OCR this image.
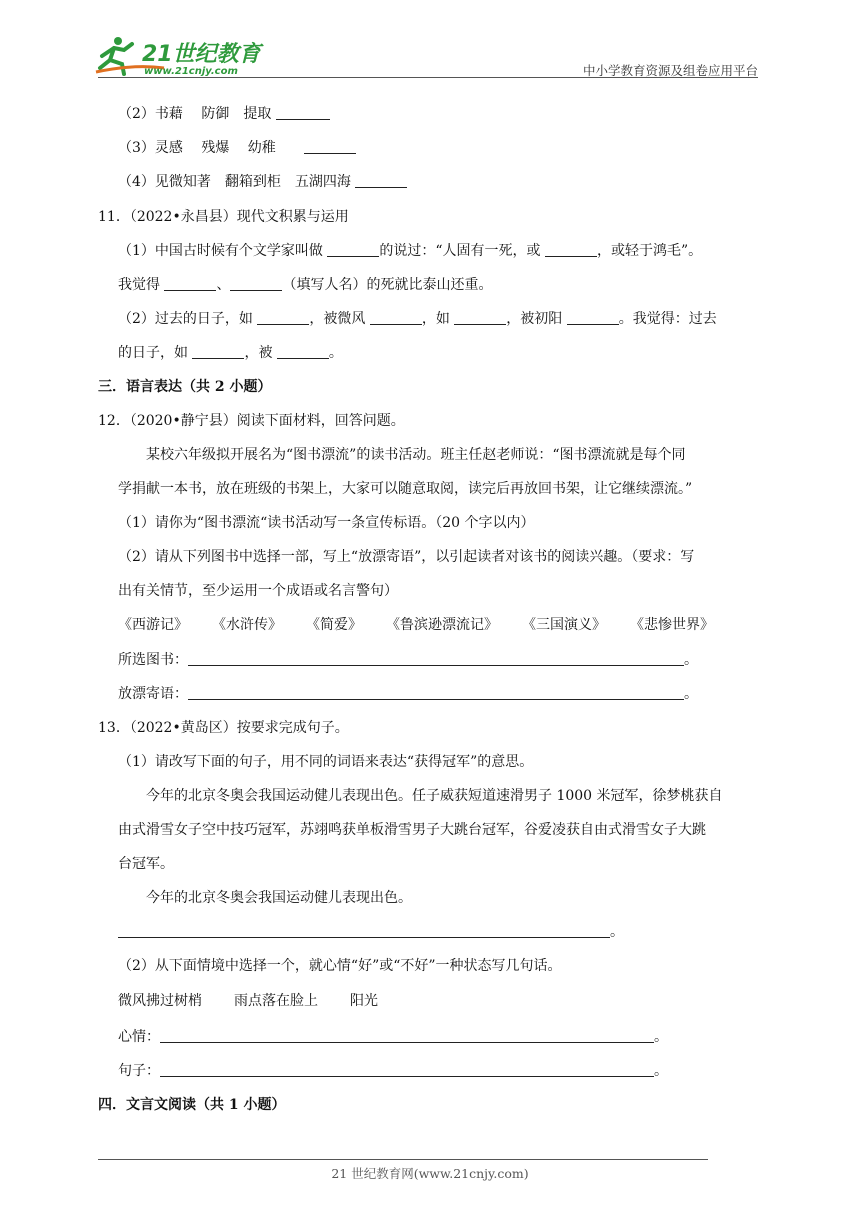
21世纪教育
www.21cnjy.com	中小学教育资源及组卷应用平台
（2）书藉　 防御　提取
（3）灵感　 残爆　 幼稚　　
（4）见微知著　翻箱到柜　五湖四海
11．（2022•永昌县）现代文积累与运用
（1）中国古时候有个文学家叫做	的说过：“人固有一死，或	，或轻于鸿毛”。
我觉得	、	（填写人名）的死就比泰山还重。
（2）过去的日子，如	，被微风	，如	，被初阳	。我觉得：过去
的日子，如	，被	。
三．语言表达（共 2 小题）
12．（2020•静宁县）阅读下面材料，回答问题。
某校六年级拟开展名为“图书漂流”的读书活动。班主任赵老师说：“图书漂流就是每个同
学捐献一本书，放在班级的书架上，大家可以随意取阅，读完后再放回书架，让它继续漂流。”
（1）请你为“图书漂流“读书活动写一条宣传标语。（20 个字以内）
（2）请从下列图书中选择一部，写上“放漂寄语”，以引起读者对该书的阅读兴趣。（要求：写
出有关情节，至少运用一个成语或名言警句）
《西游记》 《水浒传》 《简爱》 《鲁滨逊漂流记》 《三国演义》 《悲惨世界》
所选图书：	。
放漂寄语：	。
13．（2022•黄岛区）按要求完成句子。
（1）请改写下面的句子，用不同的词语来表达“获得冠军”的意思。
今年的北京冬奥会我国运动健儿表现出色。任子威获短道速滑男子 1000 米冠军，徐梦桃获自
由式滑雪女子空中技巧冠军，苏翊鸣获单板滑雪男子大跳台冠军，谷爱凌获自由式滑雪女子大跳
台冠军。
今年的北京冬奥会我国运动健儿表现出色。
。
（2）从下面情境中选择一个，就心情“好”或“不好”一种状态写几句话。
微风拂过树梢 雨点落在脸上 阳光
心情：	。
句子：	。
四．文言文阅读（共 1 小题）
21 世纪教育网(www.21cnjy.com)
